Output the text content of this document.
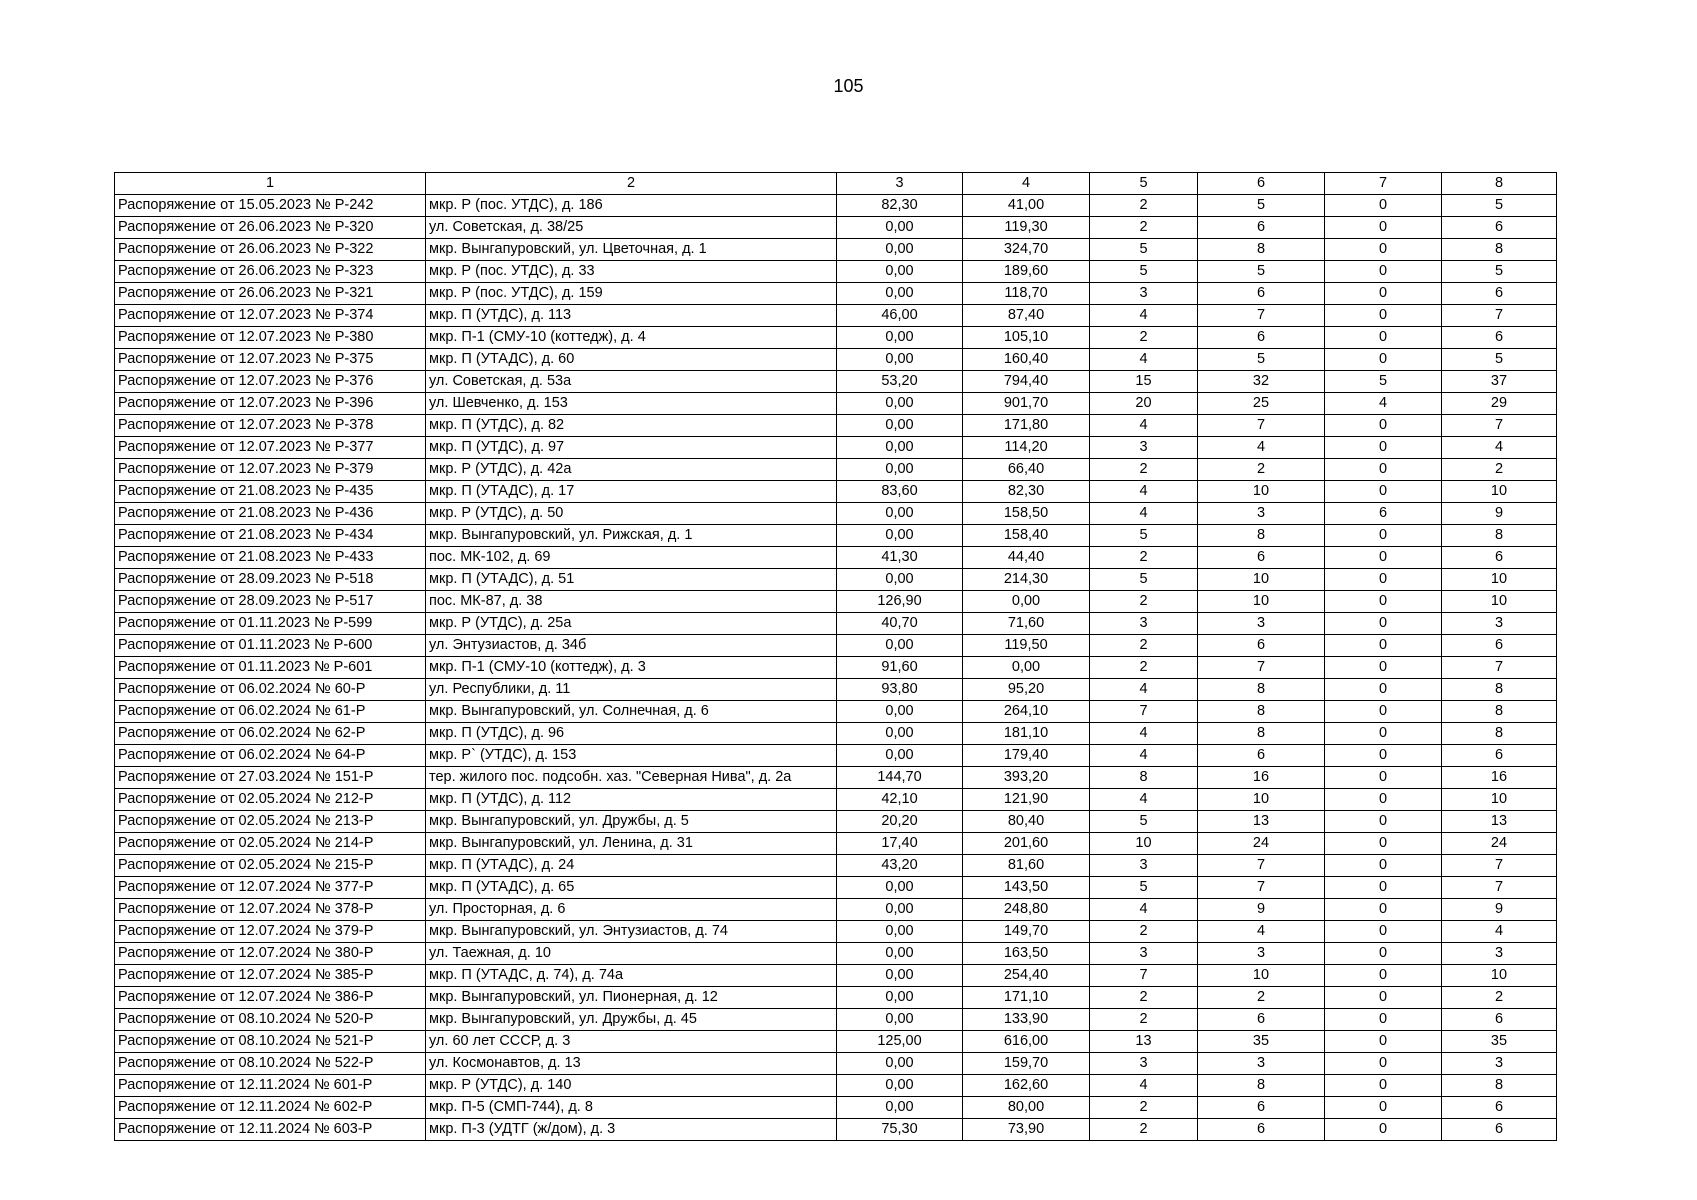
105
1	2	3	4	5	6	7	8
Распоряжение от 15.05.2023 № Р-242	мкр. Р (пос. УТДС), д. 186	82,30	41,00	2	5	0	5
Распоряжение от 26.06.2023 № Р-320	ул. Советская, д. 38/25	0,00	119,30	2	6	0	6
Распоряжение от 26.06.2023 № Р-322	мкр. Вынгапуровский, ул. Цветочная, д. 1	0,00	324,70	5	8	0	8
Распоряжение от 26.06.2023 № Р-323	мкр. Р (пос. УТДС), д. 33	0,00	189,60	5	5	0	5
Распоряжение от 26.06.2023 № Р-321	мкр. Р (пос. УТДС), д. 159	0,00	118,70	3	6	0	6
Распоряжение от 12.07.2023 № Р-374	мкр. П (УТДС), д. 113	46,00	87,40	4	7	0	7
Распоряжение от 12.07.2023 № Р-380	мкр. П-1 (СМУ-10 (коттедж), д. 4	0,00	105,10	2	6	0	6
Распоряжение от 12.07.2023 № Р-375	мкр. П (УТАДС), д. 60	0,00	160,40	4	5	0	5
Распоряжение от 12.07.2023 № Р-376	ул. Советская, д. 53а	53,20	794,40	15	32	5	37
Распоряжение от 12.07.2023 № Р-396	ул. Шевченко, д. 153	0,00	901,70	20	25	4	29
Распоряжение от 12.07.2023 № Р-378	мкр. П (УТДС), д. 82	0,00	171,80	4	7	0	7
Распоряжение от 12.07.2023 № Р-377	мкр. П (УТДС), д. 97	0,00	114,20	3	4	0	4
Распоряжение от 12.07.2023 № Р-379	мкр. Р (УТДС), д. 42а	0,00	66,40	2	2	0	2
Распоряжение от 21.08.2023 № Р-435	мкр. П (УТАДС), д. 17	83,60	82,30	4	10	0	10
Распоряжение от 21.08.2023 № Р-436	мкр. Р (УТДС), д. 50	0,00	158,50	4	3	6	9
Распоряжение от 21.08.2023 № Р-434	мкр. Вынгапуровский, ул. Рижская, д. 1	0,00	158,40	5	8	0	8
Распоряжение от 21.08.2023 № Р-433	пос. МК-102, д. 69	41,30	44,40	2	6	0	6
Распоряжение от 28.09.2023 № Р-518	мкр. П (УТАДС), д. 51	0,00	214,30	5	10	0	10
Распоряжение от 28.09.2023 № Р-517	пос. МК-87, д. 38	126,90	0,00	2	10	0	10
Распоряжение от 01.11.2023 № Р-599	мкр. Р (УТДС), д. 25а	40,70	71,60	3	3	0	3
Распоряжение от 01.11.2023 № Р-600	ул. Энтузиастов, д. 34б	0,00	119,50	2	6	0	6
Распоряжение от 01.11.2023 № Р-601	мкр. П-1 (СМУ-10 (коттедж), д. 3	91,60	0,00	2	7	0	7
Распоряжение от 06.02.2024 № 60-Р	ул. Республики, д. 11	93,80	95,20	4	8	0	8
Распоряжение от 06.02.2024 № 61-Р	мкр. Вынгапуровский, ул. Солнечная, д. 6	0,00	264,10	7	8	0	8
Распоряжение от 06.02.2024 № 62-Р	мкр. П (УТДС), д. 96	0,00	181,10	4	8	0	8
Распоряжение от 06.02.2024 № 64-Р	мкр. Р` (УТДС), д. 153	0,00	179,40	4	6	0	6
Распоряжение от 27.03.2024 № 151-Р	тер. жилого пос. подсобн. хаз. "Северная Нива", д. 2а	144,70	393,20	8	16	0	16
Распоряжение от 02.05.2024 № 212-Р	мкр. П (УТДС), д. 112	42,10	121,90	4	10	0	10
Распоряжение от 02.05.2024 № 213-Р	мкр. Вынгапуровский, ул. Дружбы, д. 5	20,20	80,40	5	13	0	13
Распоряжение от 02.05.2024 № 214-Р	мкр. Вынгапуровский, ул. Ленина, д. 31	17,40	201,60	10	24	0	24
Распоряжение от 02.05.2024 № 215-Р	мкр. П (УТАДС), д. 24	43,20	81,60	3	7	0	7
Распоряжение от 12.07.2024 № 377-Р	мкр. П (УТАДС), д. 65	0,00	143,50	5	7	0	7
Распоряжение от 12.07.2024 № 378-Р	ул. Просторная, д. 6	0,00	248,80	4	9	0	9
Распоряжение от 12.07.2024 № 379-Р	мкр. Вынгапуровский, ул. Энтузиастов, д. 74	0,00	149,70	2	4	0	4
Распоряжение от 12.07.2024 № 380-Р	ул. Таежная, д. 10	0,00	163,50	3	3	0	3
Распоряжение от 12.07.2024 № 385-Р	мкр. П (УТАДС, д. 74), д. 74а	0,00	254,40	7	10	0	10
Распоряжение от 12.07.2024 № 386-Р	мкр. Вынгапуровский, ул. Пионерная, д. 12	0,00	171,10	2	2	0	2
Распоряжение от 08.10.2024 № 520-Р	мкр. Вынгапуровский, ул. Дружбы, д. 45	0,00	133,90	2	6	0	6
Распоряжение от 08.10.2024 № 521-Р	ул. 60 лет СССР, д. 3	125,00	616,00	13	35	0	35
Распоряжение от 08.10.2024 № 522-Р	ул. Космонавтов, д. 13	0,00	159,70	3	3	0	3
Распоряжение от 12.11.2024 № 601-Р	мкр. Р (УТДС), д. 140	0,00	162,60	4	8	0	8
Распоряжение от 12.11.2024 № 602-Р	мкр. П-5 (СМП-744), д. 8	0,00	80,00	2	6	0	6
Распоряжение от 12.11.2024 № 603-Р	мкр. П-3 (УДТГ (ж/дом), д. 3	75,30	73,90	2	6	0	6
